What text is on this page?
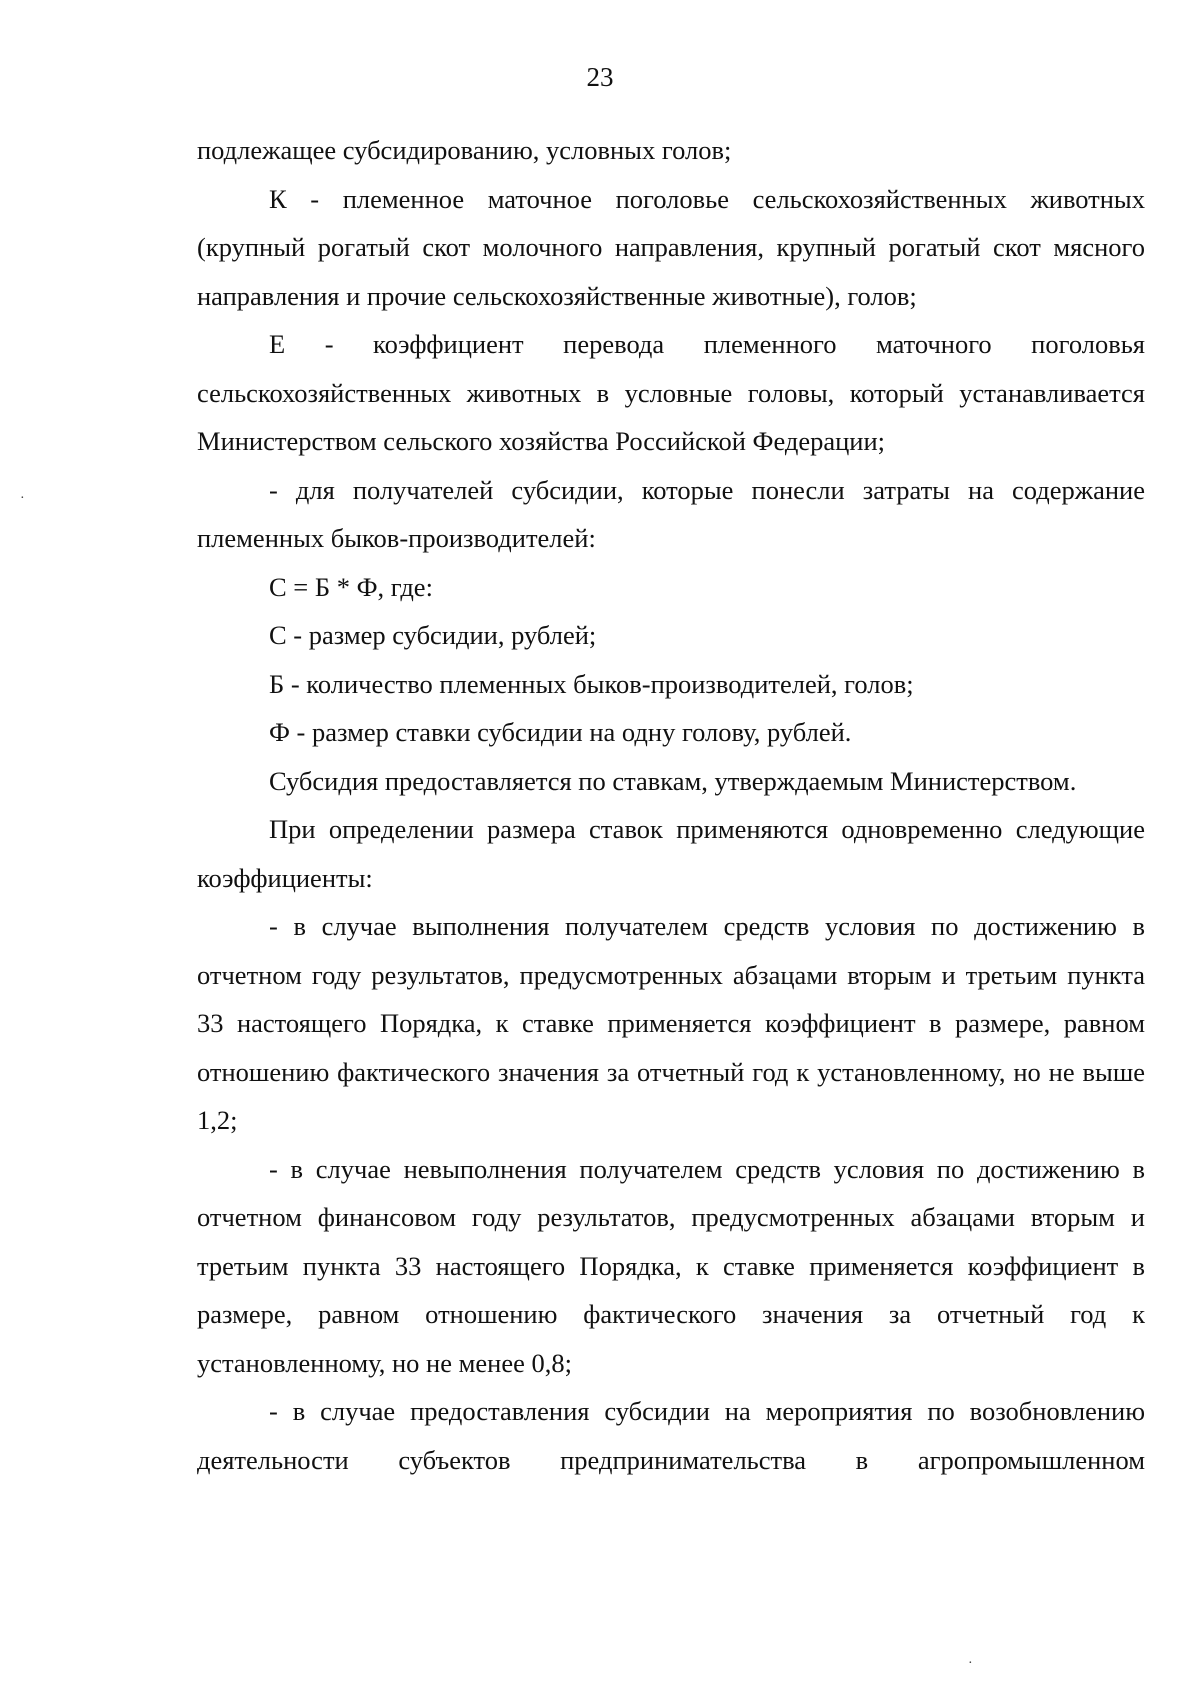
23

подлежащее субсидированию, условных голов;

К - племенное маточное поголовье сельскохозяйственных животных (крупный рогатый скот молочного направления, крупный рогатый скот мясного направления и прочие сельскохозяйственные животные), голов;

Е - коэффициент перевода племенного маточного поголовья сельскохозяйственных животных в условные головы, который устанавливается Министерством сельского хозяйства Российской Федерации;

- для получателей субсидии, которые понесли затраты на содержание племенных быков-производителей:

С = Б * Ф, где:

С - размер субсидии, рублей;

Б - количество племенных быков-производителей, голов;

Ф - размер ставки субсидии на одну голову, рублей.

Субсидия предоставляется по ставкам, утверждаемым Министерством.

При определении размера ставок применяются одновременно следующие коэффициенты:

- в случае выполнения получателем средств условия по достижению в отчетном году результатов, предусмотренных абзацами вторым и третьим пункта 33 настоящего Порядка, к ставке применяется коэффициент в размере, равном отношению фактического значения за отчетный год к установленному, но не выше 1,2;

- в случае невыполнения получателем средств условия по достижению в отчетном финансовом году результатов, предусмотренных абзацами вторым и третьим пункта 33 настоящего Порядка, к ставке применяется коэффициент в размере, равном отношению фактического значения за отчетный год к установленному, но не менее 0,8;

- в случае предоставления субсидии на мероприятия по возобновлению деятельности субъектов предпринимательства в агропромышленном

·
·
